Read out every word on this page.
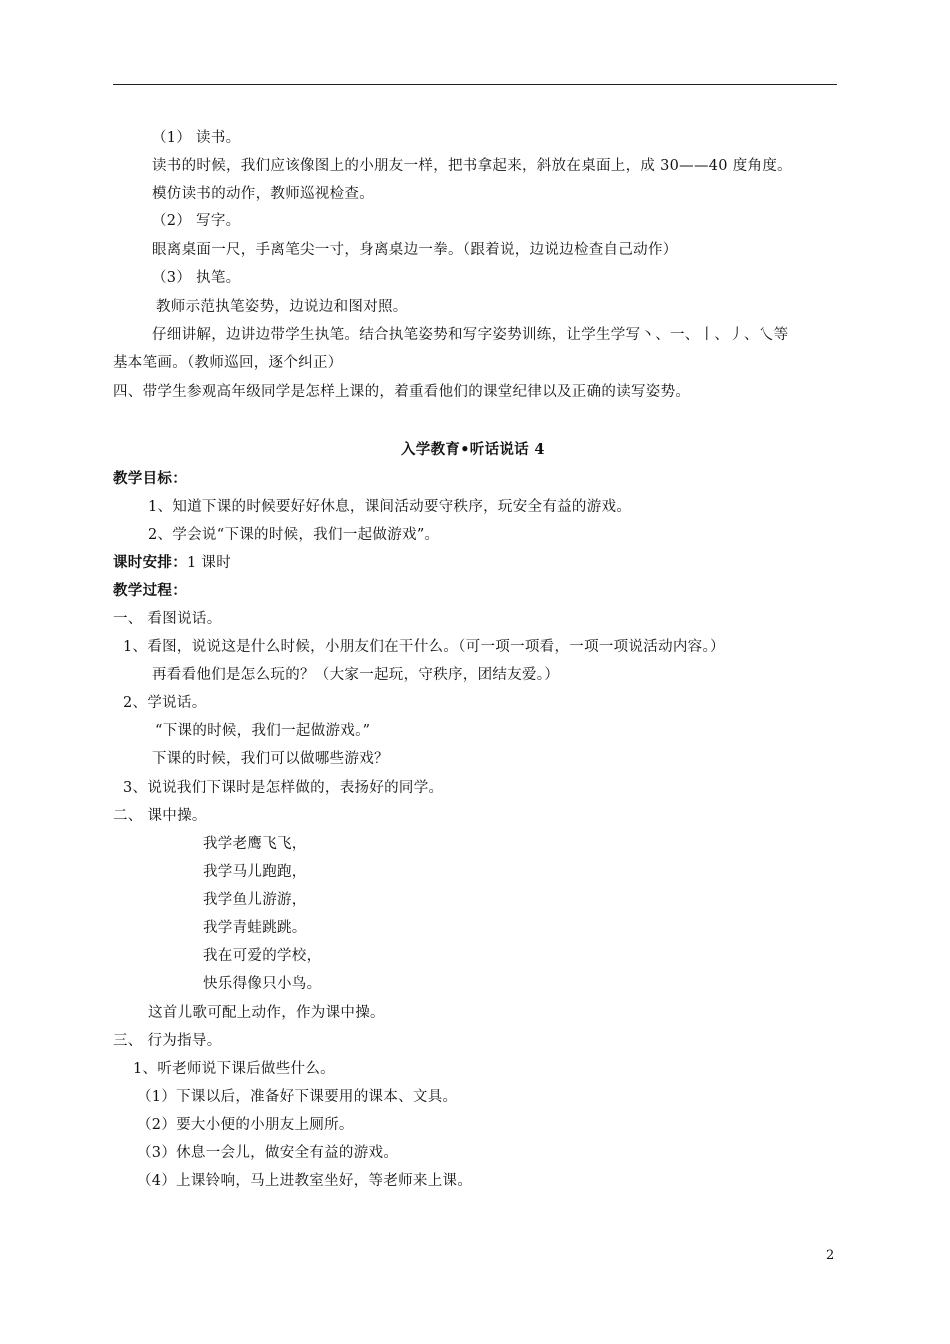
（1） 读书。
读书的时候，我们应该像图上的小朋友一样，把书拿起来，斜放在桌面上，成 30——40 度角度。
模仿读书的动作，教师巡视检查。
（2） 写字。
眼离桌面一尺，手离笔尖一寸，身离桌边一拳。（跟着说，边说边检查自己动作）
（3） 执笔。
教师示范执笔姿势，边说边和图对照。
仔细讲解，边讲边带学生执笔。结合执笔姿势和写字姿势训练，让学生学写丶、一、丨、丿、乀等
基本笔画。（教师巡回，逐个纠正）
四、带学生参观高年级同学是怎样上课的，着重看他们的课堂纪律以及正确的读写姿势。
入学教育•听话说话 4
教学目标：
1、知道下课的时候要好好休息，课间活动要守秩序，玩安全有益的游戏。
2、学会说“下课的时候，我们一起做游戏”。
课时安排：1 课时
教学过程：
一、 看图说话。
1、看图，说说这是什么时候，小朋友们在干什么。（可一项一项看，一项一项说活动内容。）
再看看他们是怎么玩的？（大家一起玩，守秩序，团结友爱。）
2、学说话。
“下课的时候，我们一起做游戏。”
下课的时候，我们可以做哪些游戏？
3、说说我们下课时是怎样做的，表扬好的同学。
二、 课中操。
我学老鹰飞飞，
我学马儿跑跑，
我学鱼儿游游，
我学青蛙跳跳。
我在可爱的学校，
快乐得像只小鸟。
这首儿歌可配上动作，作为课中操。
三、 行为指导。
1、听老师说下课后做些什么。
（1）下课以后，准备好下课要用的课本、文具。
（2）要大小便的小朋友上厕所。
（3）休息一会儿，做安全有益的游戏。
（4）上课铃响，马上进教室坐好，等老师来上课。
2
